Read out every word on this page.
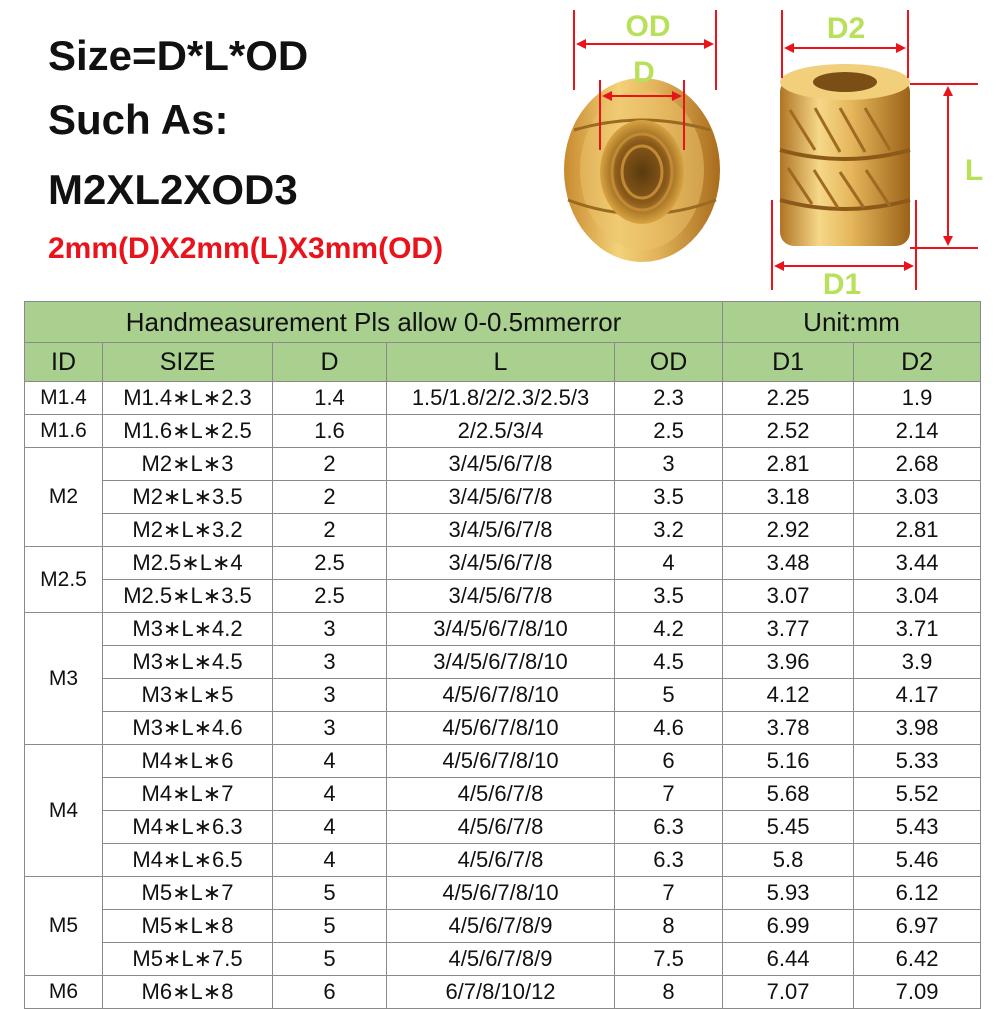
Size=D*L*OD
Such As:
M2XL2XOD3
2mm(D)X2mm(L)X3mm(OD)
OD
D
D2
L
D1
Handmeasurement Pls allow 0-0.5mmerror					Unit:mm	
ID	SIZE	D	L	OD	D1	D2
M1.4	M1.4∗L∗2.3	1.4	1.5/1.8/2/2.3/2.5/3	2.3	2.25	1.9
M1.6	M1.6∗L∗2.5	1.6	2/2.5/3/4	2.5	2.52	2.14
M2	M2∗L∗3	2	3/4/5/6/7/8	3	2.81	2.68
	M2∗L∗3.5	2	3/4/5/6/7/8	3.5	3.18	3.03
	M2∗L∗3.2	2	3/4/5/6/7/8	3.2	2.92	2.81
M2.5	M2.5∗L∗4	2.5	3/4/5/6/7/8	4	3.48	3.44
	M2.5∗L∗3.5	2.5	3/4/5/6/7/8	3.5	3.07	3.04
M3	M3∗L∗4.2	3	3/4/5/6/7/8/10	4.2	3.77	3.71
	M3∗L∗4.5	3	3/4/5/6/7/8/10	4.5	3.96	3.9
	M3∗L∗5	3	4/5/6/7/8/10	5	4.12	4.17
	M3∗L∗4.6	3	4/5/6/7/8/10	4.6	3.78	3.98
M4	M4∗L∗6	4	4/5/6/7/8/10	6	5.16	5.33
	M4∗L∗7	4	4/5/6/7/8	7	5.68	5.52
	M4∗L∗6.3	4	4/5/6/7/8	6.3	5.45	5.43
	M4∗L∗6.5	4	4/5/6/7/8	6.3	5.8	5.46
M5	M5∗L∗7	5	4/5/6/7/8/10	7	5.93	6.12
	M5∗L∗8	5	4/5/6/7/8/9	8	6.99	6.97
	M5∗L∗7.5	5	4/5/6/7/8/9	7.5	6.44	6.42
M6	M6∗L∗8	6	6/7/8/10/12	8	7.07	7.09
